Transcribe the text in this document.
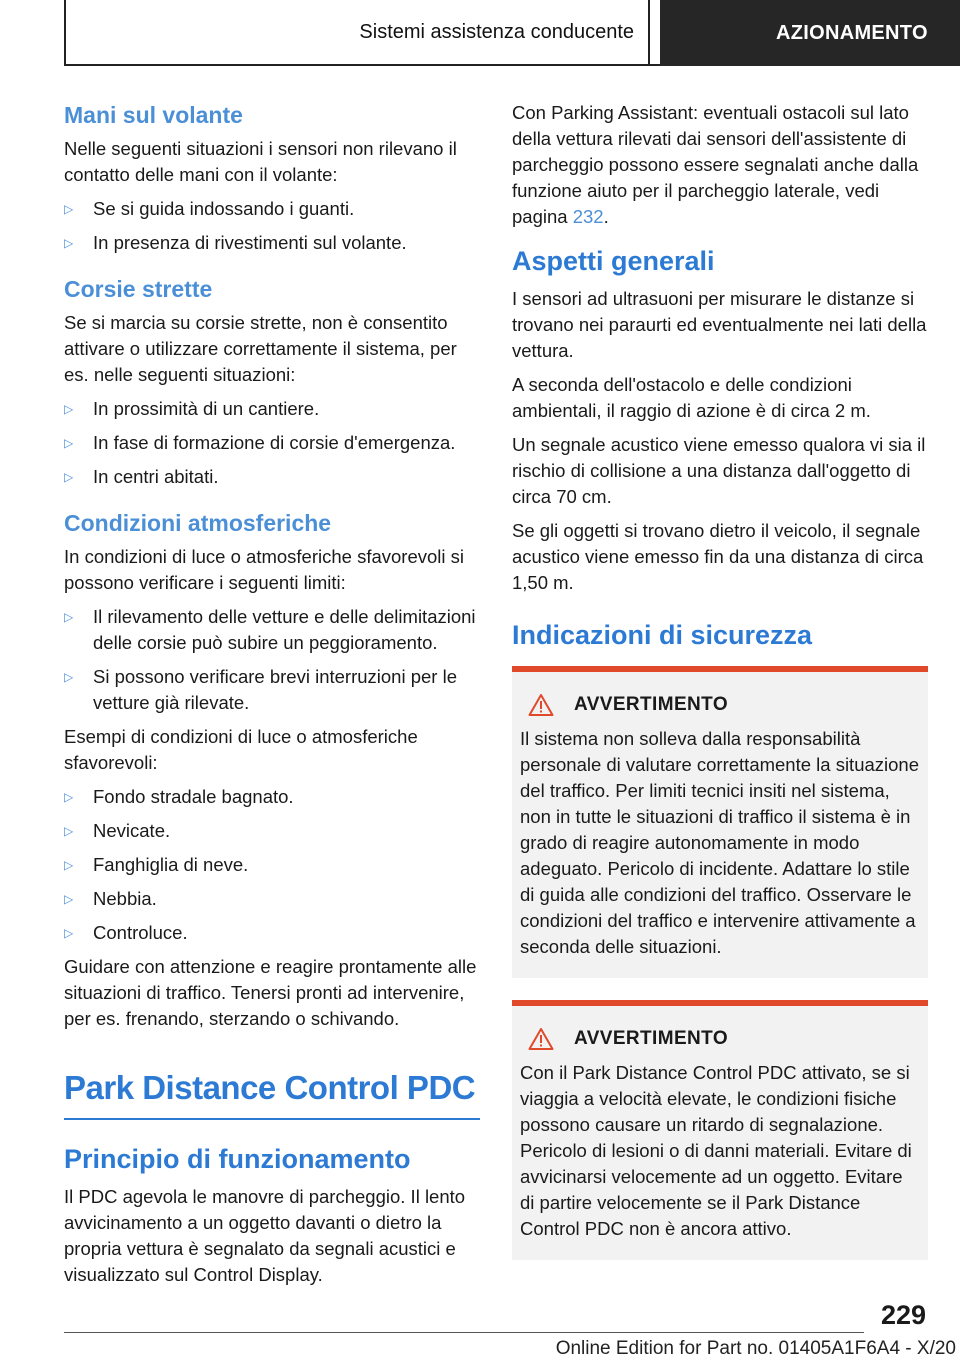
Sistemi assistenza conducente	AZIONAMENTO
Mani sul volante

Nelle seguenti situazioni i sensori non rilevano il contatto delle mani con il volante:

▷ Se si guida indossando i guanti.
▷ In presenza di rivestimenti sul volante.
Corsie strette

Se si marcia su corsie strette, non è consentito attivare o utilizzare correttamente il sistema, per es. nelle seguenti situazioni:

▷ In prossimità di un cantiere.
▷ In fase di formazione di corsie d'emergenza.
▷ In centri abitati.
Condizioni atmosferiche

In condizioni di luce o atmosferiche sfavorevoli si possono verificare i seguenti limiti:

▷ Il rilevamento delle vetture e delle delimitazioni delle corsie può subire un peggioramento.
▷ Si possono verificare brevi interruzioni per le vetture già rilevate.

Esempi di condizioni di luce o atmosferiche sfavorevoli:

▷ Fondo stradale bagnato.
▷ Nevicate.
▷ Fanghiglia di neve.
▷ Nebbia.
▷ Controluce.

Guidare con attenzione e reagire prontamente alle situazioni di traffico. Tenersi pronti ad intervenire, per es. frenando, sterzando o schivando.

Park Distance Control PDC
Principio di funzionamento

Il PDC agevola le manovre di parcheggio. Il lento avvicinamento a un oggetto davanti o dietro la propria vettura è segnalato da segnali acustici e visualizzato sul Control Display.

Con Parking Assistant: eventuali ostacoli sul lato della vettura rilevati dai sensori dell'assistente di parcheggio possono essere segnalati anche dalla funzione aiuto per il parcheggio laterale, vedi pagina 232.

Aspetti generali

I sensori ad ultrasuoni per misurare le distanze si trovano nei paraurti ed eventualmente nei lati della vettura.

A seconda dell'ostacolo e delle condizioni ambientali, il raggio di azione è di circa 2 m.

Un segnale acustico viene emesso qualora vi sia il rischio di collisione a una distanza dall'oggetto di circa 70 cm.

Se gli oggetti si trovano dietro il veicolo, il segnale acustico viene emesso fin da una distanza di circa 1,50 m.

Indicazioni di sicurezza
AVVERTIMENTO

Il sistema non solleva dalla responsabilità personale di valutare correttamente la situazione del traffico. Per limiti tecnici insiti nel sistema, non in tutte le situazioni di traffico il sistema è in grado di reagire autonomamente in modo adeguato. Pericolo di incidente. Adattare lo stile di guida alle condizioni del traffico. Osservare le condizioni del traffico e intervenire attivamente a seconda delle situazioni.

AVVERTIMENTO

Con il Park Distance Control PDC attivato, se si viaggia a velocità elevate, le condizioni fisiche possono causare un ritardo di segnalazione. Pericolo di lesioni o di danni materiali. Evitare di avvicinarsi velocemente ad un oggetto. Evitare di partire velocemente se il Park Distance Control PDC non è ancora attivo.

229
Online Edition for Part no. 01405A1F6A4 - X/20
